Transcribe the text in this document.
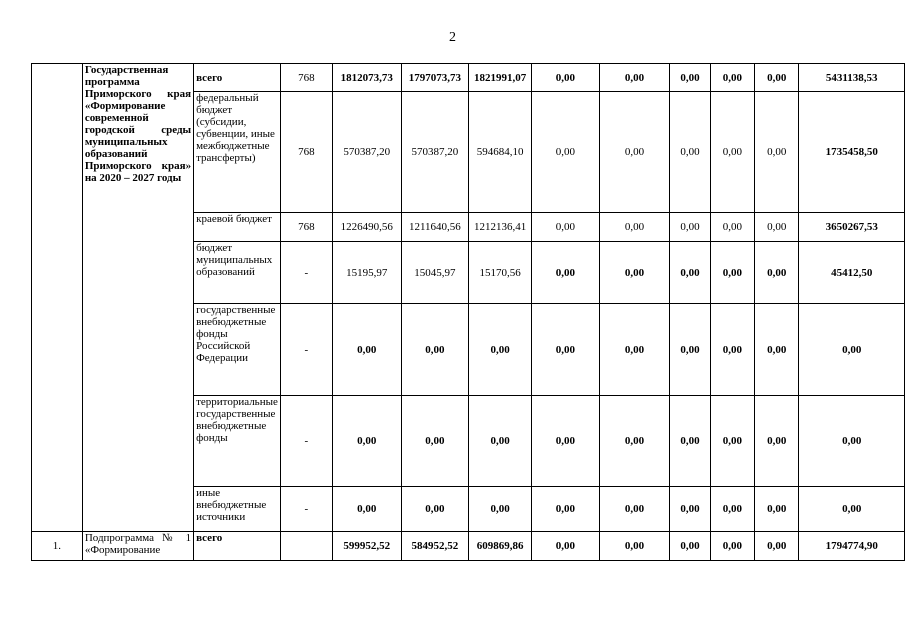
2
	Государственная программа Приморского края «Формирование современной городской среды муниципальных образований Приморского края» на 2020 – 2027 годы	всего	768	1812073,73	1797073,73	1821991,07	0,00	0,00	0,00	0,00	0,00	5431138,53
		федеральный бюджет (субсидии, субвенции, иные межбюджетные трансферты)	768	570387,20	570387,20	594684,10	0,00	0,00	0,00	0,00	0,00	1735458,50
		краевой бюджет	768	1226490,56	1211640,56	1212136,41	0,00	0,00	0,00	0,00	0,00	3650267,53
		бюджет муниципальных образований	-	15195,97	15045,97	15170,56	0,00	0,00	0,00	0,00	0,00	45412,50
		государственные внебюджетные фонды Российской Федерации	-	0,00	0,00	0,00	0,00	0,00	0,00	0,00	0,00	0,00
		территориальные государственные внебюджетные фонды	-	0,00	0,00	0,00	0,00	0,00	0,00	0,00	0,00	0,00
		иные внебюджетные источники	-	0,00	0,00	0,00	0,00	0,00	0,00	0,00	0,00	0,00
1.	Подпрограмма № 1 «Формирование	всего		599952,52	584952,52	609869,86	0,00	0,00	0,00	0,00	0,00	1794774,90
